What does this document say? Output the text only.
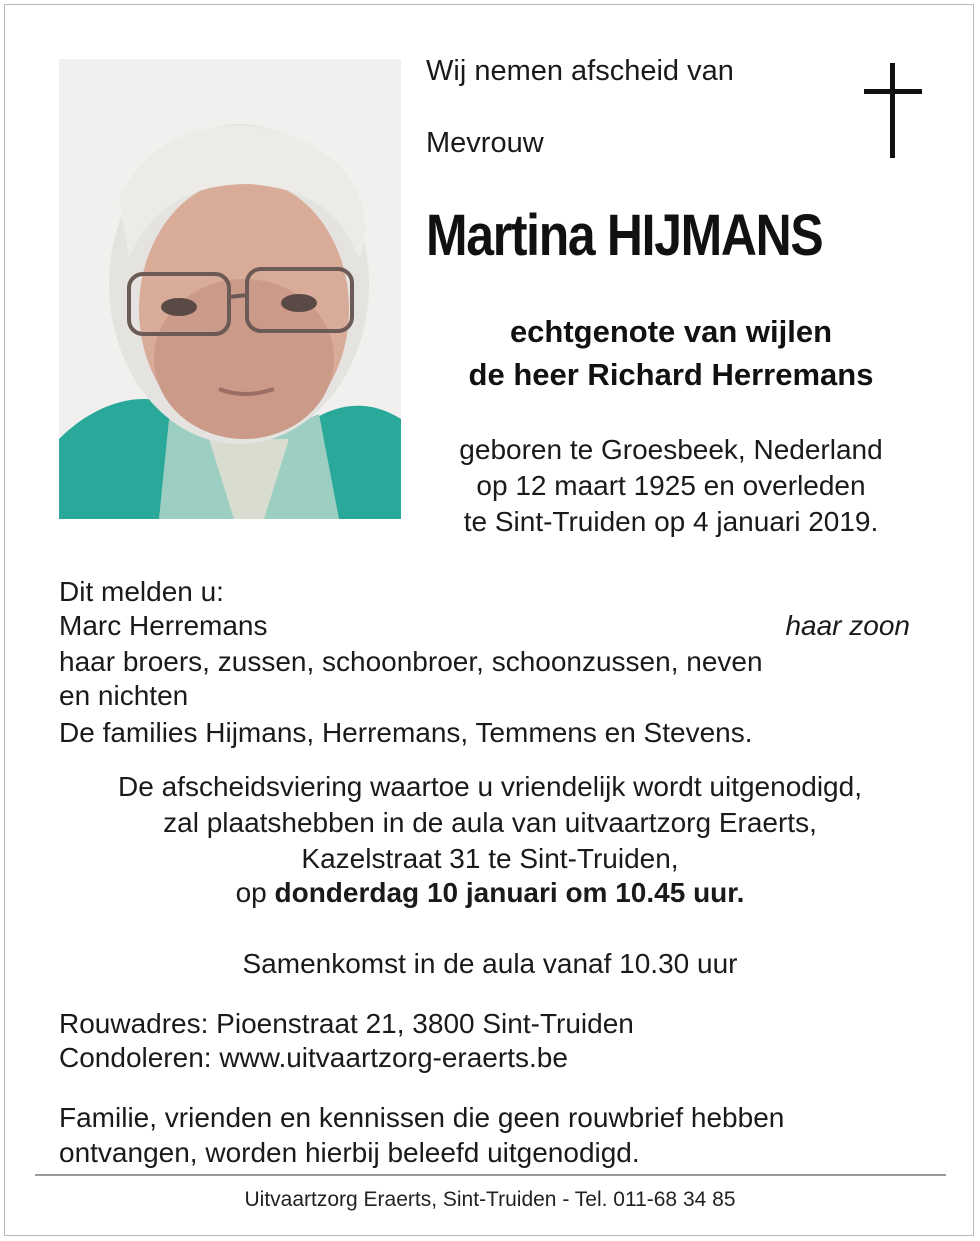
Wij nemen afscheid van
Mevrouw
Martina HIJMANS
echtgenote van wijlen
de heer Richard Herremans
geboren te Groesbeek, Nederland
op 12 maart 1925 en overleden
te Sint-Truiden op 4 januari 2019.
Dit melden u:
Marc Herremans	haar zoon
haar broers, zussen, schoonbroer, schoonzussen, neven
en nichten
De families Hijmans, Herremans, Temmens en Stevens.
De afscheidsviering waartoe u vriendelijk wordt uitgenodigd,
zal plaatshebben in de aula van uitvaartzorg Eraerts,
Kazelstraat 31 te Sint-Truiden,
op donderdag 10 januari om 10.45 uur.
Samenkomst in de aula vanaf 10.30 uur
Rouwadres: Pioenstraat 21, 3800 Sint-Truiden
Condoleren: www.uitvaartzorg-eraerts.be
Familie, vrienden en kennissen die geen rouwbrief hebben
ontvangen, worden hierbij beleefd uitgenodigd.
Uitvaartzorg Eraerts, Sint-Truiden - Tel. 011-68 34 85
